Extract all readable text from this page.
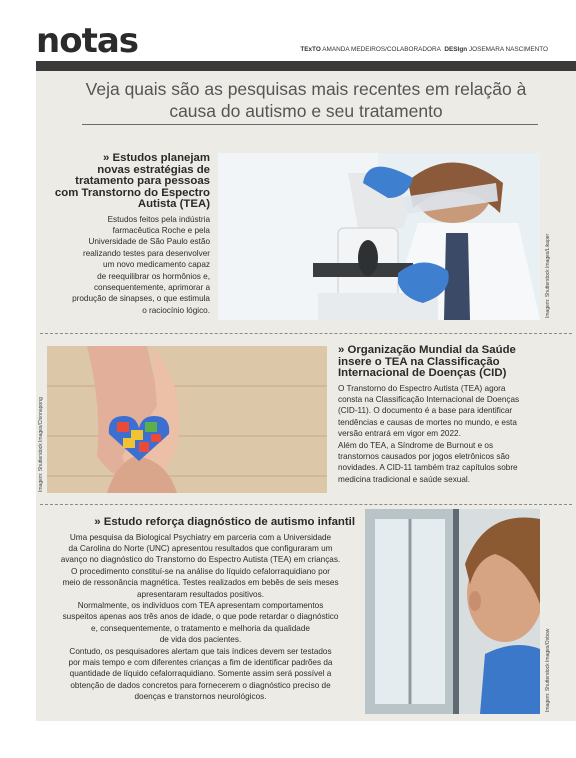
notas	TExTO AMANDA MEDEIROS/COLABORADORA DESIgn JOSEMARA NASCIMENTO
Veja quais são as pesquisas mais recentes em relação à
causa do autismo e seu tratamento
» Estudos planejam
novas estratégias de
tratamento para pessoas
com Transtorno do Espectro
Autista (TEA)
Estudos feitos pela indústria
farmacêutica Roche e pela
Universidade de São Paulo estão
realizando testes para desenvolver
um novo medicamento capaz
de reequilibrar os hormônios e,
consequentemente, aprimorar a
produção de sinapses, o que estimula
o raciocínio lógico.	Imagem: Shutterstock Images/Likaper
Imagem: Shutterstock Images/Chinnapong
» Organização Mundial da Saúde
insere o TEA na Classificação
Internacional de Doenças (CID)
O Transtorno do Espectro Autista (TEA) agora
consta na Classificação Internacional de Doenças
(CID-11). O documento é a base para identificar
tendências e causas de mortes no mundo, e esta
versão entrará em vigor em 2022.
Além do TEA, a Síndrome de Burnout e os
transtornos causados por jogos eletrônicos são
novidades. A CID-11 também traz capítulos sobre
medicina tradicional e saúde sexual.
» Estudo reforça diagnóstico de autismo infantil
Uma pesquisa da Biological Psychiatry em parceria com a Universidade
da Carolina do Norte (UNC) apresentou resultados que configuraram um
avanço no diagnóstico do Transtorno do Espectro Autista (TEA) em crianças.
O procedimento constituí-se na análise do líquido cefalorraquidiano por
meio de ressonância magnética. Testes realizados em bebês de seis meses
apresentaram resultados positivos.
Normalmente, os indivíduos com TEA apresentam comportamentos
suspeitos apenas aos três anos de idade, o que pode retardar o diagnóstico
e, consequentemente, o tratamento e melhoria da qualidade
de vida dos pacientes.
Contudo, os pesquisadores alertam que tais índices devem ser testados
por mais tempo e com diferentes crianças a fim de identificar padrões da
quantidade de líquido cefalorraquidiano. Somente assim será possível a
obtenção de dados concretos para fornecerem o diagnóstico preciso de
doenças e transtornos neurológicos.	Imagem: Shutterstock Images/Oxbow
